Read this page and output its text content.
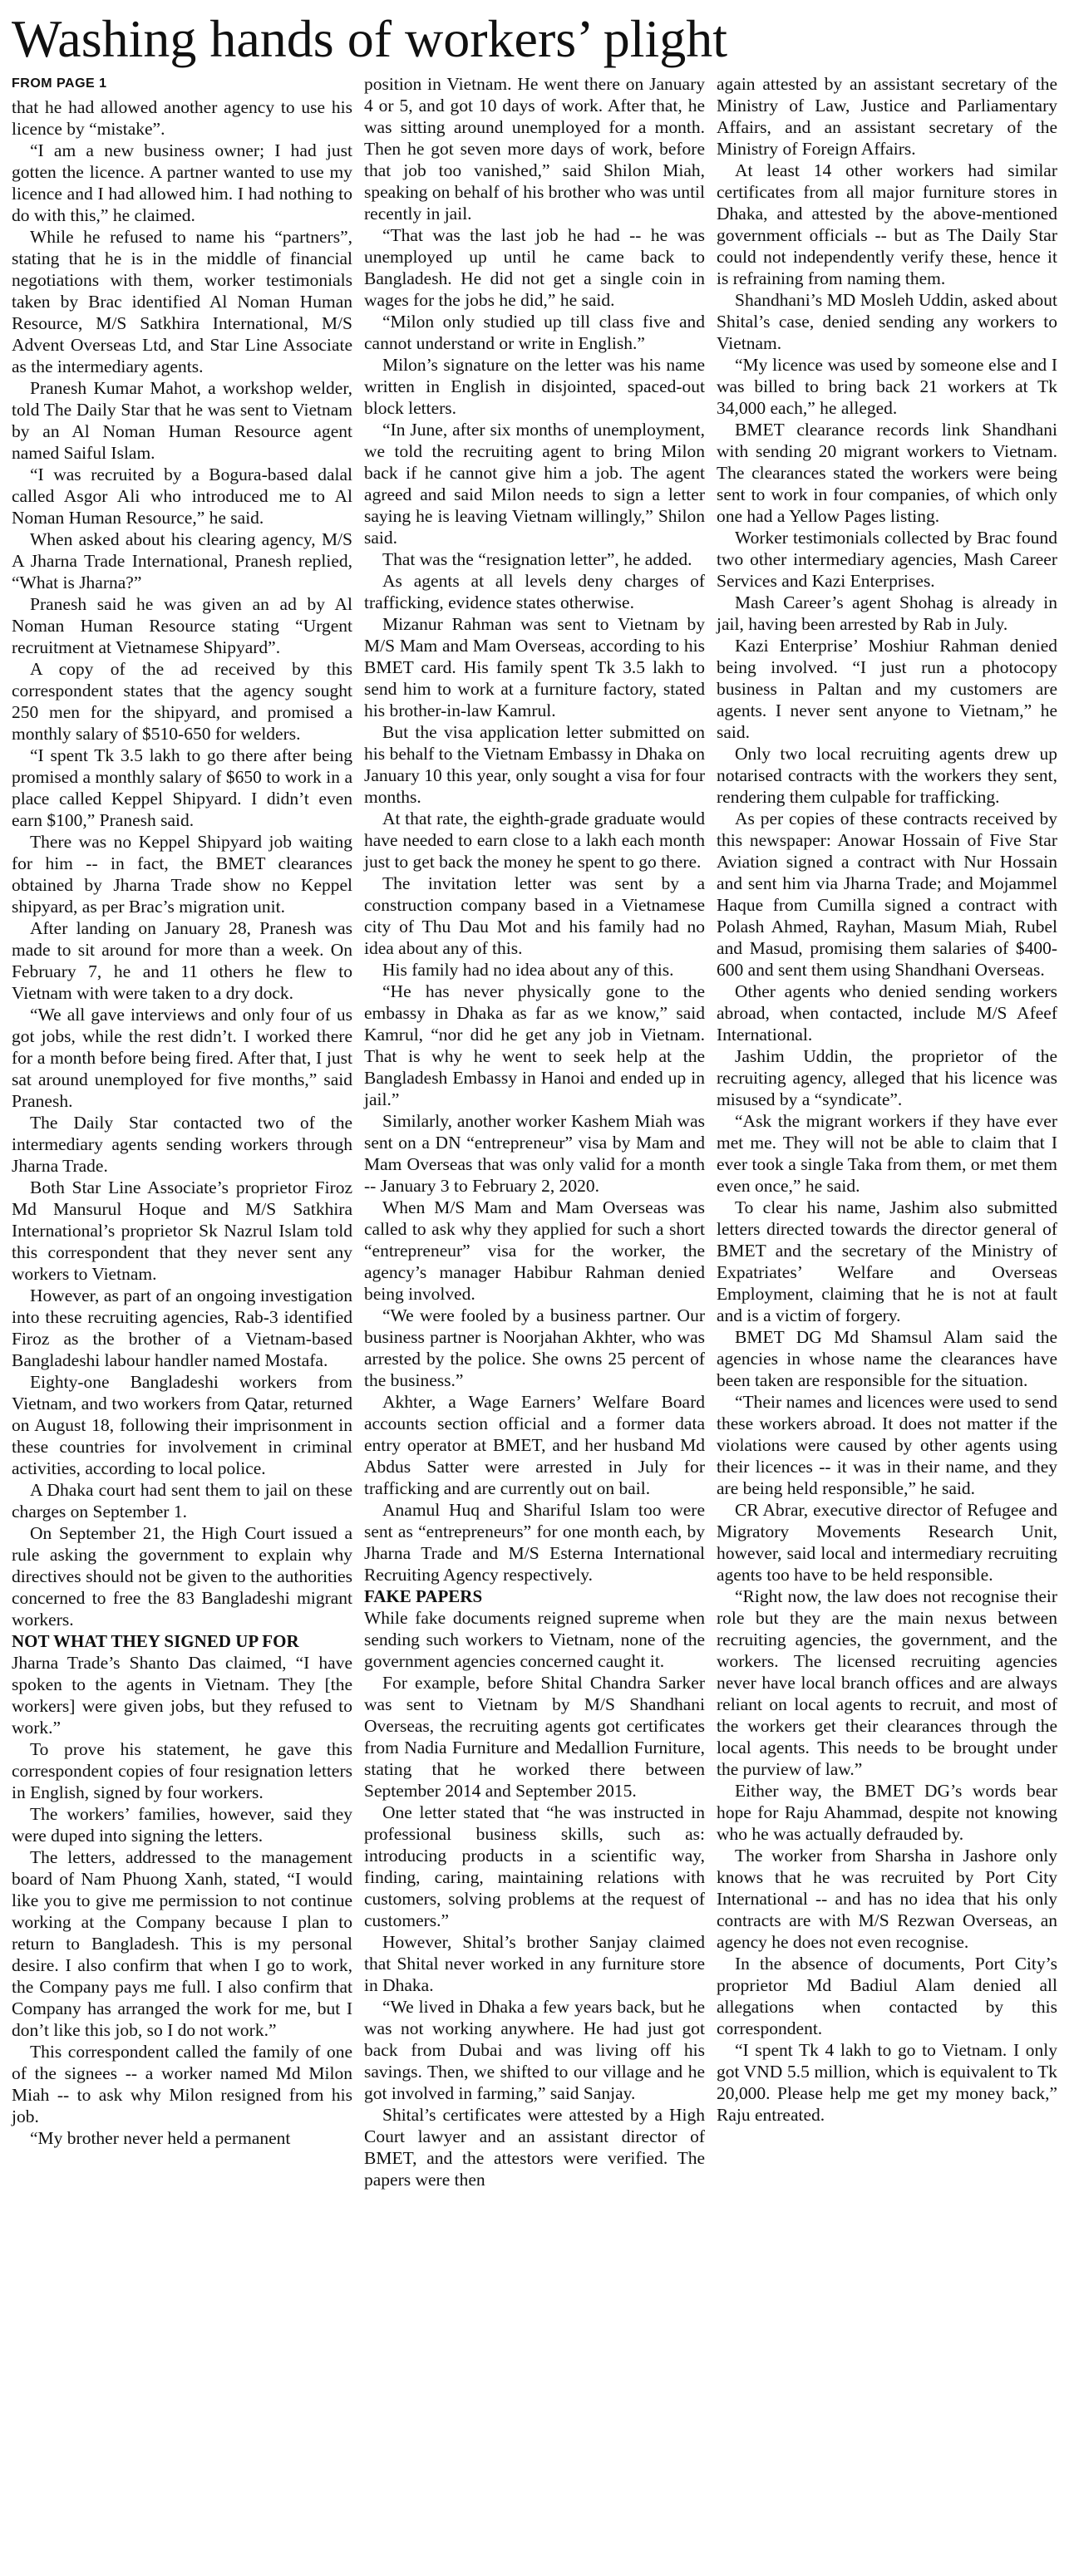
Washing hands of workers’ plight
FROM PAGE 1

that he had allowed another agency to use his licence by “mistake”.

“I am a new business owner; I had just gotten the licence. A partner wanted to use my licence and I had allowed him. I had nothing to do with this,” he claimed.

While he refused to name his “partners”, stating that he is in the middle of financial negotiations with them, worker testimonials taken by Brac identified Al Noman Human Resource, M/S Satkhira International, M/S Advent Overseas Ltd, and Star Line Associate as the intermediary agents.

Pranesh Kumar Mahot, a workshop welder, told The Daily Star that he was sent to Vietnam by an Al Noman Human Resource agent named Saiful Islam.

“I was recruited by a Bogura-based dalal called Asgor Ali who introduced me to Al Noman Human Resource,” he said.

When asked about his clearing agency, M/S A Jharna Trade International, Pranesh replied, “What is Jharna?”

Pranesh said he was given an ad by Al Noman Human Resource stating “Urgent recruitment at Vietnamese Shipyard”.

A copy of the ad received by this correspondent states that the agency sought 250 men for the shipyard, and promised a monthly salary of $510-650 for welders.

“I spent Tk 3.5 lakh to go there after being promised a monthly salary of $650 to work in a place called Keppel Shipyard. I didn’t even earn $100,” Pranesh said.

There was no Keppel Shipyard job waiting for him -- in fact, the BMET clearances obtained by Jharna Trade show no Keppel shipyard, as per Brac’s migration unit.

After landing on January 28, Pranesh was made to sit around for more than a week. On February 7, he and 11 others he flew to Vietnam with were taken to a dry dock.

“We all gave interviews and only four of us got jobs, while the rest didn’t. I worked there for a month before being fired. After that, I just sat around unemployed for five months,” said Pranesh.

The Daily Star contacted two of the intermediary agents sending workers through Jharna Trade.

Both Star Line Associate’s proprietor Firoz Md Mansurul Hoque and M/S Satkhira International’s proprietor Sk Nazrul Islam told this correspondent that they never sent any workers to Vietnam.

However, as part of an ongoing investigation into these recruiting agencies, Rab-3 identified Firoz as the brother of a Vietnam-based Bangladeshi labour handler named Mostafa.

Eighty-one Bangladeshi workers from Vietnam, and two workers from Qatar, returned on August 18, following their imprisonment in these countries for involvement in criminal activities, according to local police.

A Dhaka court had sent them to jail on these charges on September 1.

On September 21, the High Court issued a rule asking the government to explain why directives should not be given to the authorities concerned to free the 83 Bangladeshi migrant workers.

NOT WHAT THEY SIGNED UP FOR

Jharna Trade’s Shanto Das claimed, “I have spoken to the agents in Vietnam. They [the workers] were given jobs, but they refused to work.”

To prove his statement, he gave this correspondent copies of four resignation letters in English, signed by four workers.

The workers’ families, however, said they were duped into signing the letters.

The letters, addressed to the management board of Nam Phuong Xanh, stated, “I would like you to give me permission to not continue working at the Company because I plan to return to Bangladesh. This is my personal desire. I also confirm that when I go to work, the Company pays me full. I also confirm that Company has arranged the work for me, but I don’t like this job, so I do not work.”

This correspondent called the family of one of the signees -- a worker named Md Milon Miah -- to ask why Milon resigned from his job.

“My brother never held a permanent

position in Vietnam. He went there on January 4 or 5, and got 10 days of work. After that, he was sitting around unemployed for a month. Then he got seven more days of work, before that job too vanished,” said Shilon Miah, speaking on behalf of his brother who was until recently in jail.

“That was the last job he had -- he was unemployed up until he came back to Bangladesh. He did not get a single coin in wages for the jobs he did,” he said.

“Milon only studied up till class five and cannot understand or write in English.”

Milon’s signature on the letter was his name written in English in disjointed, spaced-out block letters.

“In June, after six months of unemployment, we told the recruiting agent to bring Milon back if he cannot give him a job. The agent agreed and said Milon needs to sign a letter saying he is leaving Vietnam willingly,” Shilon said.

That was the “resignation letter”, he added.

As agents at all levels deny charges of trafficking, evidence states otherwise.

Mizanur Rahman was sent to Vietnam by M/S Mam and Mam Overseas, according to his BMET card. His family spent Tk 3.5 lakh to send him to work at a furniture factory, stated his brother-in-law Kamrul.

But the visa application letter submitted on his behalf to the Vietnam Embassy in Dhaka on January 10 this year, only sought a visa for four months.

At that rate, the eighth-grade graduate would have needed to earn close to a lakh each month just to get back the money he spent to go there.

The invitation letter was sent by a construction company based in a Vietnamese city of Thu Dau Mot and his family had no idea about any of this.

His family had no idea about any of this.

“He has never physically gone to the embassy in Dhaka as far as we know,” said Kamrul, “nor did he get any job in Vietnam. That is why he went to seek help at the Bangladesh Embassy in Hanoi and ended up in jail.”

Similarly, another worker Kashem Miah was sent on a DN “entrepreneur” visa by Mam and Mam Overseas that was only valid for a month -- January 3 to February 2, 2020.

When M/S Mam and Mam Overseas was called to ask why they applied for such a short “entrepreneur” visa for the worker, the agency’s manager Habibur Rahman denied being involved.

“We were fooled by a business partner. Our business partner is Noorjahan Akhter, who was arrested by the police. She owns 25 percent of the business.”

Akhter, a Wage Earners’ Welfare Board accounts section official and a former data entry operator at BMET, and her husband Md Abdus Satter were arrested in July for trafficking and are currently out on bail.

Anamul Huq and Shariful Islam too were sent as “entrepreneurs” for one month each, by Jharna Trade and M/S Esterna International Recruiting Agency respectively.

FAKE PAPERS

While fake documents reigned supreme when sending such workers to Vietnam, none of the government agencies concerned caught it.

For example, before Shital Chandra Sarker was sent to Vietnam by M/S Shandhani Overseas, the recruiting agents got certificates from Nadia Furniture and Medallion Furniture, stating that he worked there between September 2014 and September 2015.

One letter stated that “he was instructed in professional business skills, such as: introducing products in a scientific way, finding, caring, maintaining relations with customers, solving problems at the request of customers.”

However, Shital’s brother Sanjay claimed that Shital never worked in any furniture store in Dhaka.

“We lived in Dhaka a few years back, but he was not working anywhere. He had just got back from Dubai and was living off his savings. Then, we shifted to our village and he got involved in farming,” said Sanjay.

Shital’s certificates were attested by a High Court lawyer and an assistant director of BMET, and the attestors were verified. The papers were then

again attested by an assistant secretary of the Ministry of Law, Justice and Parliamentary Affairs, and an assistant secretary of the Ministry of Foreign Affairs.

At least 14 other workers had similar certificates from all major furniture stores in Dhaka, and attested by the above-mentioned government officials -- but as The Daily Star could not independently verify these, hence it is refraining from naming them.

Shandhani’s MD Mosleh Uddin, asked about Shital’s case, denied sending any workers to Vietnam.

“My licence was used by someone else and I was billed to bring back 21 workers at Tk 34,000 each,” he alleged.

BMET clearance records link Shandhani with sending 20 migrant workers to Vietnam. The clearances stated the workers were being sent to work in four companies, of which only one had a Yellow Pages listing.

Worker testimonials collected by Brac found two other intermediary agencies, Mash Career Services and Kazi Enterprises.

Mash Career’s agent Shohag is already in jail, having been arrested by Rab in July.

Kazi Enterprise’ Moshiur Rahman denied being involved. “I just run a photocopy business in Paltan and my customers are agents. I never sent anyone to Vietnam,” he said.

Only two local recruiting agents drew up notarised contracts with the workers they sent, rendering them culpable for trafficking.

As per copies of these contracts received by this newspaper: Anowar Hossain of Five Star Aviation signed a contract with Nur Hossain and sent him via Jharna Trade; and Mojammel Haque from Cumilla signed a contract with Polash Ahmed, Rayhan, Masum Miah, Rubel and Masud, promising them salaries of $400-600 and sent them using Shandhani Overseas.

Other agents who denied sending workers abroad, when contacted, include M/S Afeef International.

Jashim Uddin, the proprietor of the recruiting agency, alleged that his licence was misused by a “syndicate”.

“Ask the migrant workers if they have ever met me. They will not be able to claim that I ever took a single Taka from them, or met them even once,” he said.

To clear his name, Jashim also submitted letters directed towards the director general of BMET and the secretary of the Ministry of Expatriates’ Welfare and Overseas Employment, claiming that he is not at fault and is a victim of forgery.

BMET DG Md Shamsul Alam said the agencies in whose name the clearances have been taken are responsible for the situation.

“Their names and licences were used to send these workers abroad. It does not matter if the violations were caused by other agents using their licences -- it was in their name, and they are being held responsible,” he said.

CR Abrar, executive director of Refugee and Migratory Movements Research Unit, however, said local and intermediary recruiting agents too have to be held responsible.

“Right now, the law does not recognise their role but they are the main nexus between recruiting agencies, the government, and the workers. The licensed recruiting agencies never have local branch offices and are always reliant on local agents to recruit, and most of the workers get their clearances through the local agents. This needs to be brought under the purview of law.”

Either way, the BMET DG’s words bear hope for Raju Ahammad, despite not knowing who he was actually defrauded by.

The worker from Sharsha in Jashore only knows that he was recruited by Port City International -- and has no idea that his only contracts are with M/S Rezwan Overseas, an agency he does not even recognise.

In the absence of documents, Port City’s proprietor Md Badiul Alam denied all allegations when contacted by this correspondent.

“I spent Tk 4 lakh to go to Vietnam. I only got VND 5.5 million, which is equivalent to Tk 20,000. Please help me get my money back,” Raju entreated.
